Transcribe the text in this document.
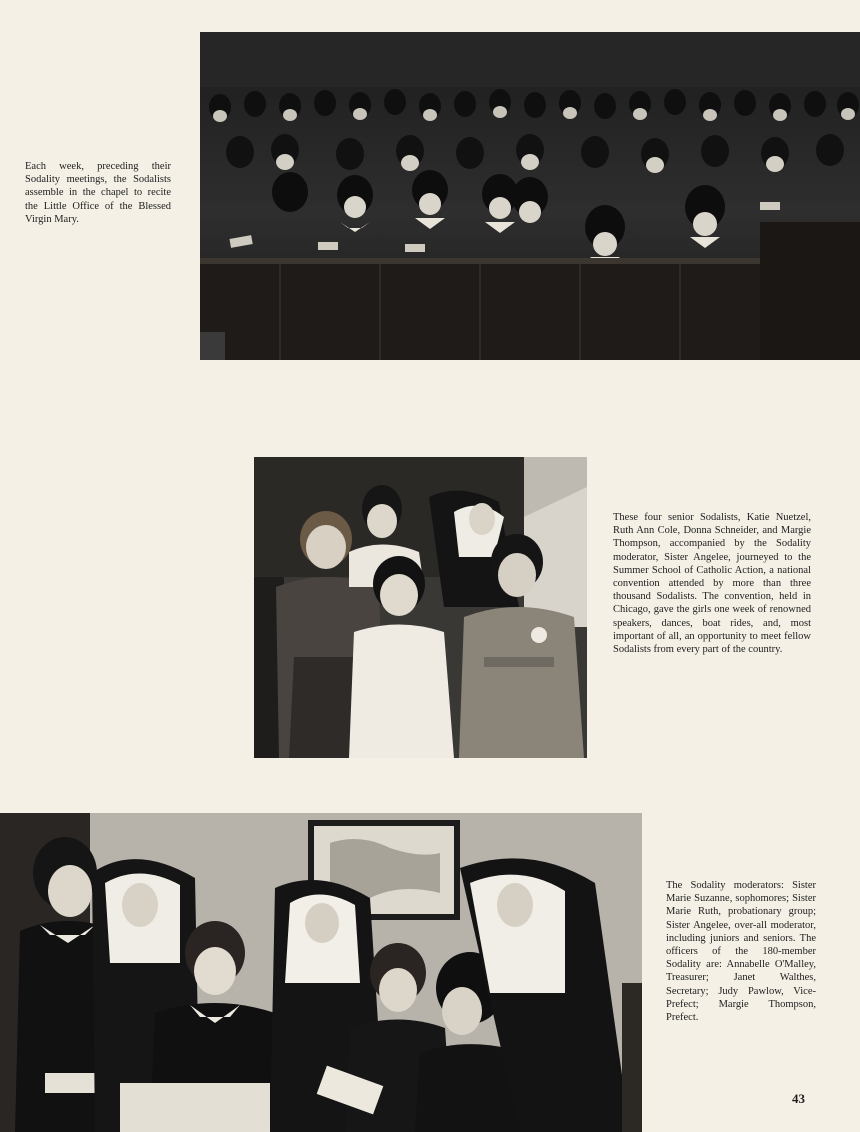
Each week, preceding their Sodality meetings, the Sodalists assemble in the chapel to recite the Little Office of the Blessed Virgin Mary.

These four senior Sodalists, Katie Nuetzel, Ruth Ann Cole, Donna Schneider, and Margie Thompson, accompanied by the Sodality moderator, Sister Angelee, journeyed to the Summer School of Catholic Action, a national convention attended by more than three thousand Sodalists. The convention, held in Chicago, gave the girls one week of renowned speakers, dances, boat rides, and, most important of all, an opportunity to meet fellow Sodalists from every part of the country.

The Sodality moderators: Sister Marie Suzanne, sophomores; Sister Marie Ruth, probationary group; Sister Angelee, over-all moderator, including juniors and seniors. The officers of the 180-member Sodality are: Annabelle O'Malley, Treasurer; Janet Walthes, Secretary; Judy Pawlow, Vice-Prefect; Margie Thompson, Prefect.

43
